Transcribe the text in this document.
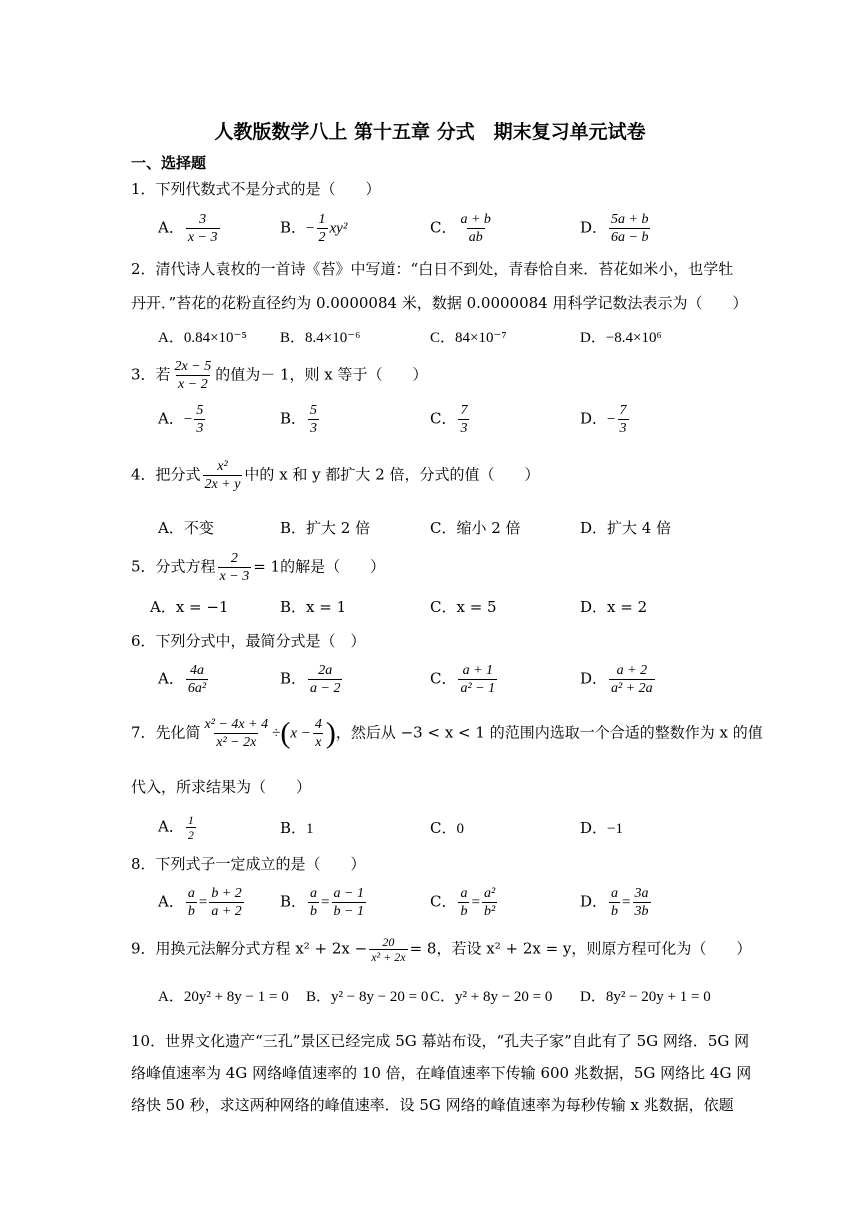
人教版数学八上 第十五章 分式　期末复习单元试卷
一、选择题
1．下列代数式不是分式的是（　　）
A． $\frac{3}{x - 3}$	B．− $\frac{1}{2} xy^2$	C． $\frac{a + b}{ab}$	D． $\frac{5a + b}{6a - b}$
2．清代诗人袁枚的一首诗《苔》中写道：“白日不到处，青春恰自来．苔花如米小，也学牡
丹开．”苔花的花粉直径约为 0.0000084 米，数据 0.0000084 用科学记数法表示为（　　）
A．0.84×10⁻⁵ B．8.4×10⁻⁶	C．84×10⁻⁷	D．−8.4×10⁶
3．若 $\frac{2x - 5}{x - 2}$ 的值为－ 1，则 x 等于（　　）
A．− $\frac{5}{3}$	B． $\frac{5}{3}$	C． $\frac{7}{3}$	D．− $\frac{7}{3}$
4．把分式 $\frac{\text{x²}}{2x + y}$ 中的 x 和 y 都扩大 2 倍，分式的值（　　）
A．不变	B．扩大 2 倍	C．缩小 2 倍	D．扩大 4 倍
5．分式方程 $\frac{2}{x - 3} = 1$的解是（　　）
A．x = −1	B．x = 1	C．x = 5	D．x = 2
6．下列分式中，最简分式是（　）
A． $\frac{4a}{\text{6a²}}$	B． $\frac{2a}{a - 2}$	C． $\frac{a + 1}{\text{a² − 1}}$	D． $\frac{a + 2}{\text{a² + 2a}}$
7．先化简 $\frac{\text{x² − 4x + 4}}{\text{x² − 2x}} \div(x - \frac{4}{x}$ )，然后从 −3 < x < 1 的范围内选取一个合适的整数作为 x 的值
代入，所求结果为（　　）
A． $\frac{1}{2}$	B．1	C．0	D．−1
8．下列式子一定成立的是（　　）
A． $\frac{a}{b} = \frac{b + 2}{a + 2}$ B． $\frac{a}{b} = \frac{a - 1}{b - 1}$	C． $\frac{a}{b} = \frac{\text{a²}}{\text{b²}}$	D． $\frac{a}{b} = \frac{3a}{3b}$
9．用换元法解分式方程 $x^2 + 2x - \frac{20}{\text{x² + 2x}} = 8$，若设 x² + 2x = y，则原方程可化为（　　）
A．20y² + 8y − 1 = 0 B．y² − 8y − 20 = 0 C．y² + 8y − 20 = 0 D．8y² − 20y + 1 = 0
10．世界文化遗产“三孔”景区已经完成 5G 幕站布设，“孔夫子家”自此有了 5G 网络．5G 网
络峰值速率为 4G 网络峰值速率的 10 倍，在峰值速率下传输 600 兆数据，5G 网络比 4G 网
络快 50 秒，求这两种网络的峰值速率．设 5G 网络的峰值速率为每秒传输 x 兆数据，依题
